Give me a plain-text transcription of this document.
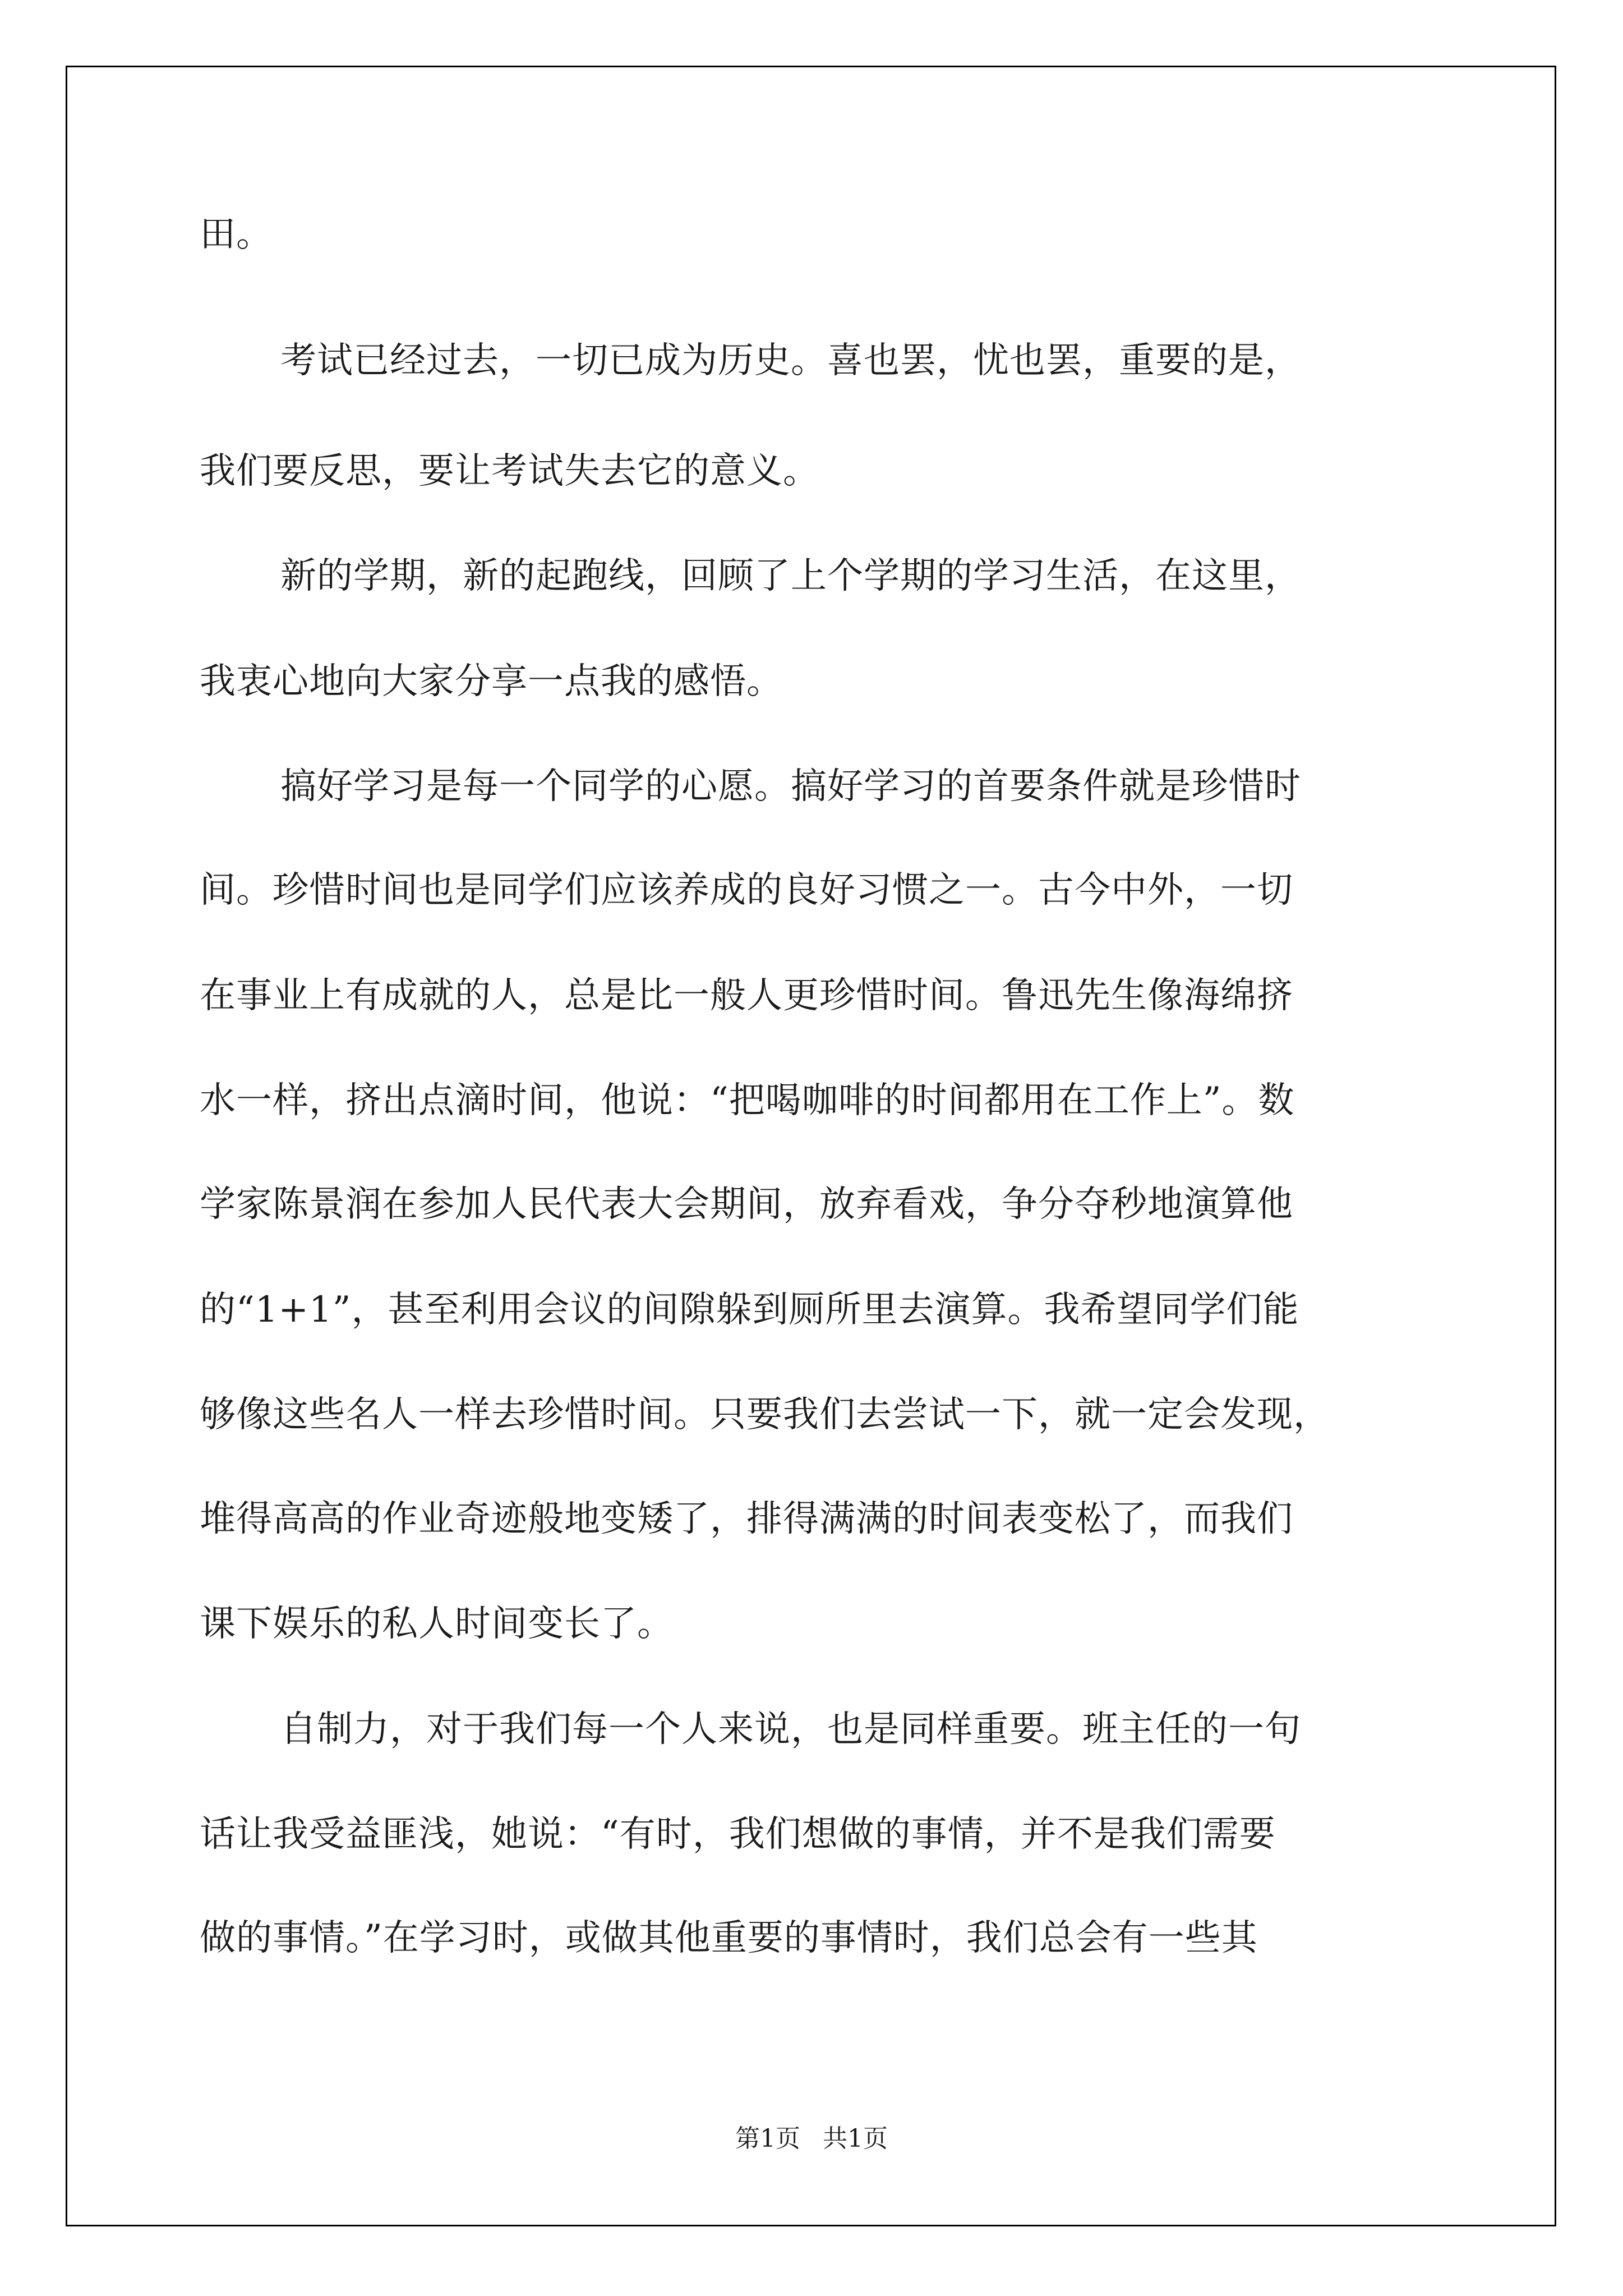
田。
考试已经过去，一切已成为历史。喜也罢，忧也罢，重要的是，
我们要反思，要让考试失去它的意义。
新的学期，新的起跑线，回顾了上个学期的学习生活，在这里，
我衷心地向大家分享一点我的感悟。
搞好学习是每一个同学的心愿。搞好学习的首要条件就是珍惜时
间。珍惜时间也是同学们应该养成的良好习惯之一。古今中外，一切
在事业上有成就的人，总是比一般人更珍惜时间。鲁迅先生像海绵挤
水一样，挤出点滴时间，他说：“把喝咖啡的时间都用在工作上”。数
学家陈景润在参加人民代表大会期间，放弃看戏，争分夺秒地演算他
的“1+1”，甚至利用会议的间隙躲到厕所里去演算。我希望同学们能
够像这些名人一样去珍惜时间。只要我们去尝试一下，就一定会发现，
堆得高高的作业奇迹般地变矮了，排得满满的时间表变松了，而我们
课下娱乐的私人时间变长了。
自制力，对于我们每一个人来说，也是同样重要。班主任的一句
话让我受益匪浅，她说：“有时，我们想做的事情，并不是我们需要
做的事情。”在学习时，或做其他重要的事情时，我们总会有一些其
第1页 共1页
